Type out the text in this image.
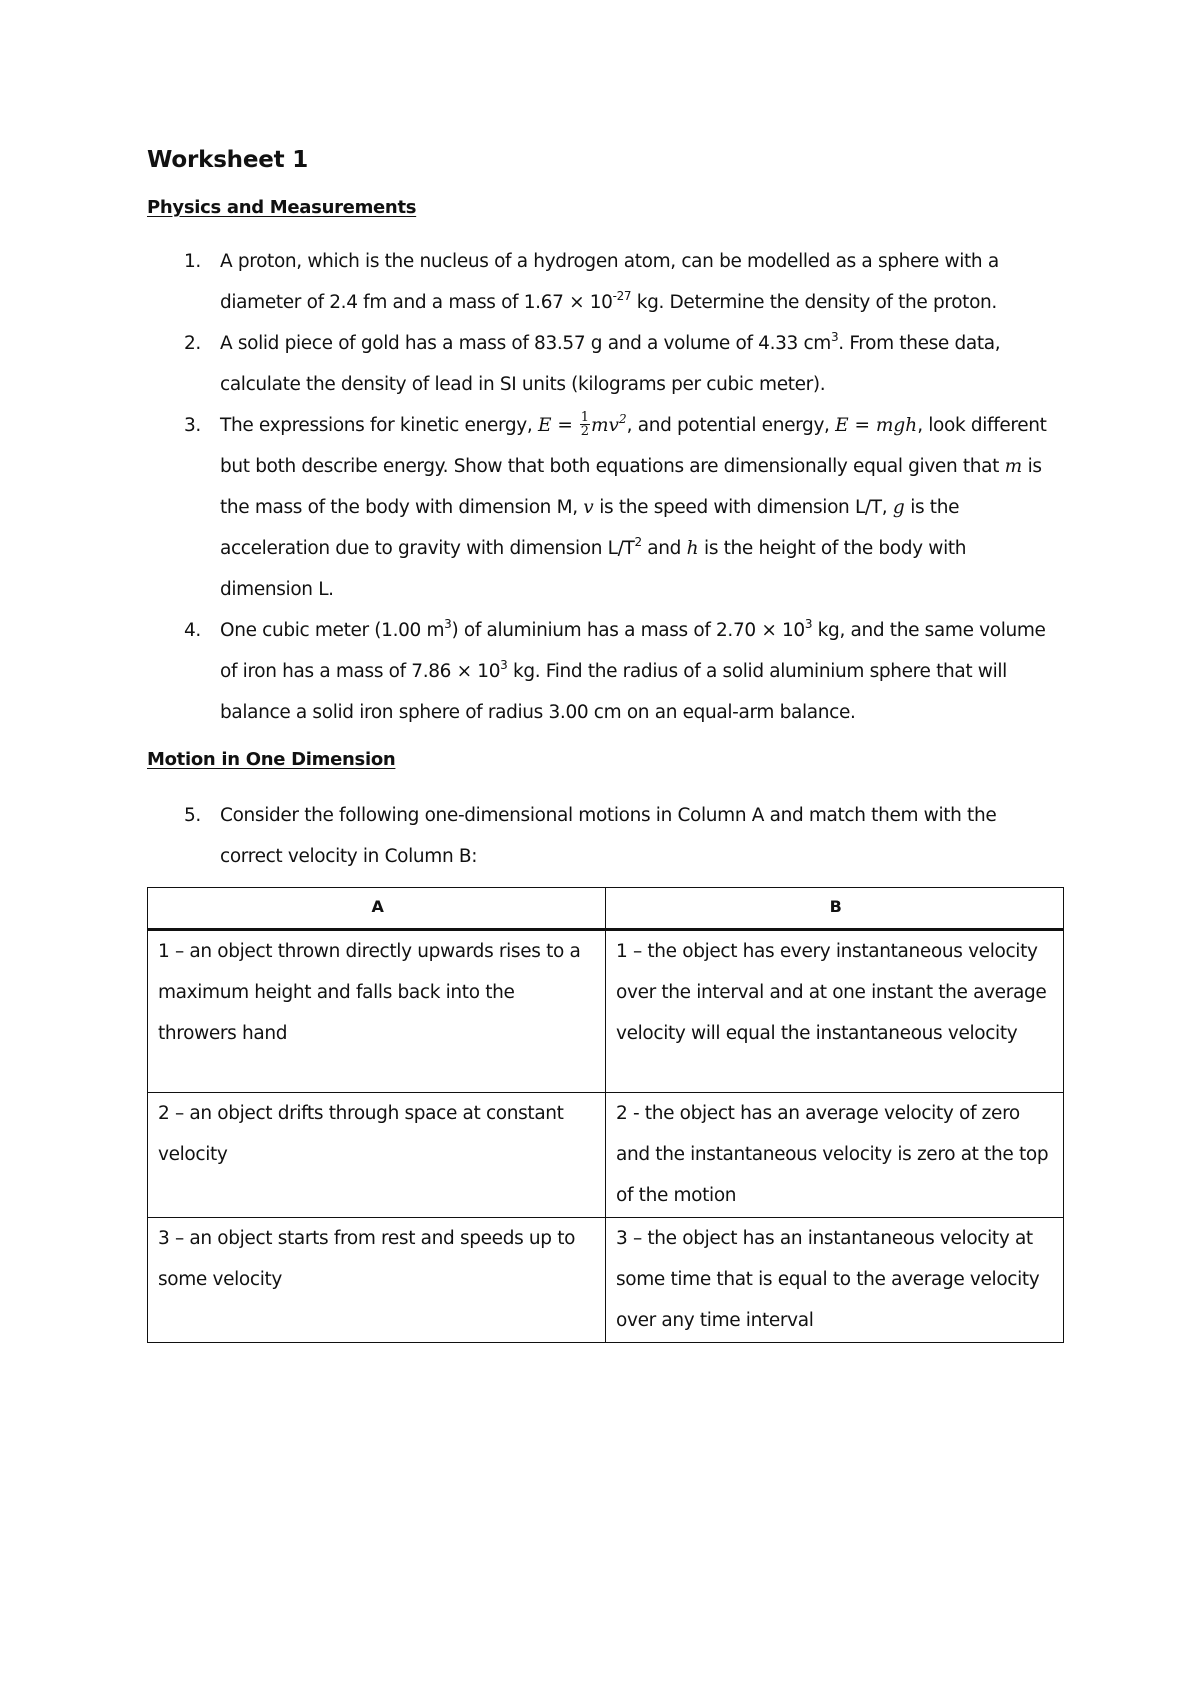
Worksheet 1
Physics and Measurements
1. A proton, which is the nucleus of a hydrogen atom, can be modelled as a sphere with a diameter of 2.4 fm and a mass of $1.67 \times 10^{-27}$ kg. Determine the density of the proton.
2. A solid piece of gold has a mass of 83.57 g and a volume of 4.33 $cm^3$. From these data, calculate the density of lead in SI units (kilograms per cubic meter).
3. The expressions for kinetic energy, $E = \frac{1}{2} mv^2$, and potential energy, E = mgh, look different but both describe energy. Show that both equations are dimensionally equal given that m is the mass of the body with dimension M, v is the speed with dimension L/T, g is the acceleration due to gravity with dimension $L/T^2$ and h is the height of the body with dimension L.
4. One cubic meter (1.00 $m^3$) of aluminium has a mass of $2.70 \times 10^3$ kg, and the same volume of iron has a mass of $7.86 \times 10^3$ kg. Find the radius of a solid aluminium sphere that will balance a solid iron sphere of radius 3.00 cm on an equal-arm balance.
Motion in One Dimension
5. Consider the following one-dimensional motions in Column A and match them with the correct velocity in Column B:
A	B
1 – an object thrown directly upwards rises to a maximum height and falls back into the throwers hand	1 – the object has every instantaneous velocity over the interval and at one instant the average velocity will equal the instantaneous velocity
2 – an object drifts through space at constant velocity	2 - the object has an average velocity of zero and the instantaneous velocity is zero at the top of the motion
3 – an object starts from rest and speeds up to some velocity	3 – the object has an instantaneous velocity at some time that is equal to the average velocity over any time interval
